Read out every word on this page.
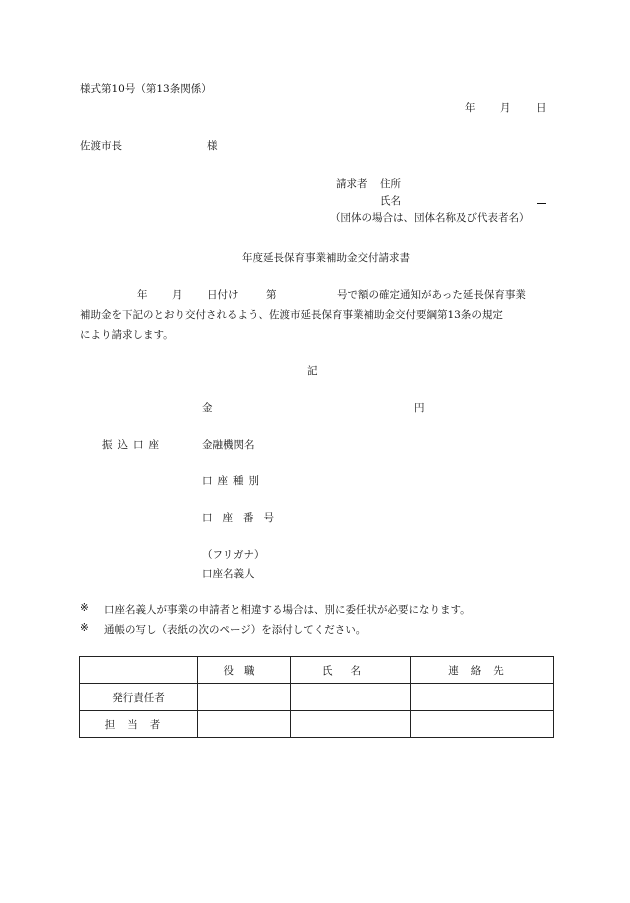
様式第10号（第13条関係）
年 月 日
佐渡市長	様
請求者 住所
氏名
（団体の場合は、団体名称及び代表者名）
年度延長保育事業補助金交付請求書
年 月 日付け	第	号で額の確定通知があった延長保育事業
補助金を下記のとおり交付されるよう、佐渡市延長保育事業補助金交付要綱第13条の規定
により請求します。
記
金	円
振込口座	金融機関名
口座種別
口座番号
（フリガナ）
口座名義人
※ 口座名義人が事業の申請者と相違する場合は、別に委任状が必要になります。
※ 通帳の写し（表紙の次のページ）を添付してください。
	役職	氏名	連絡先
発行責任者			
担当者			
